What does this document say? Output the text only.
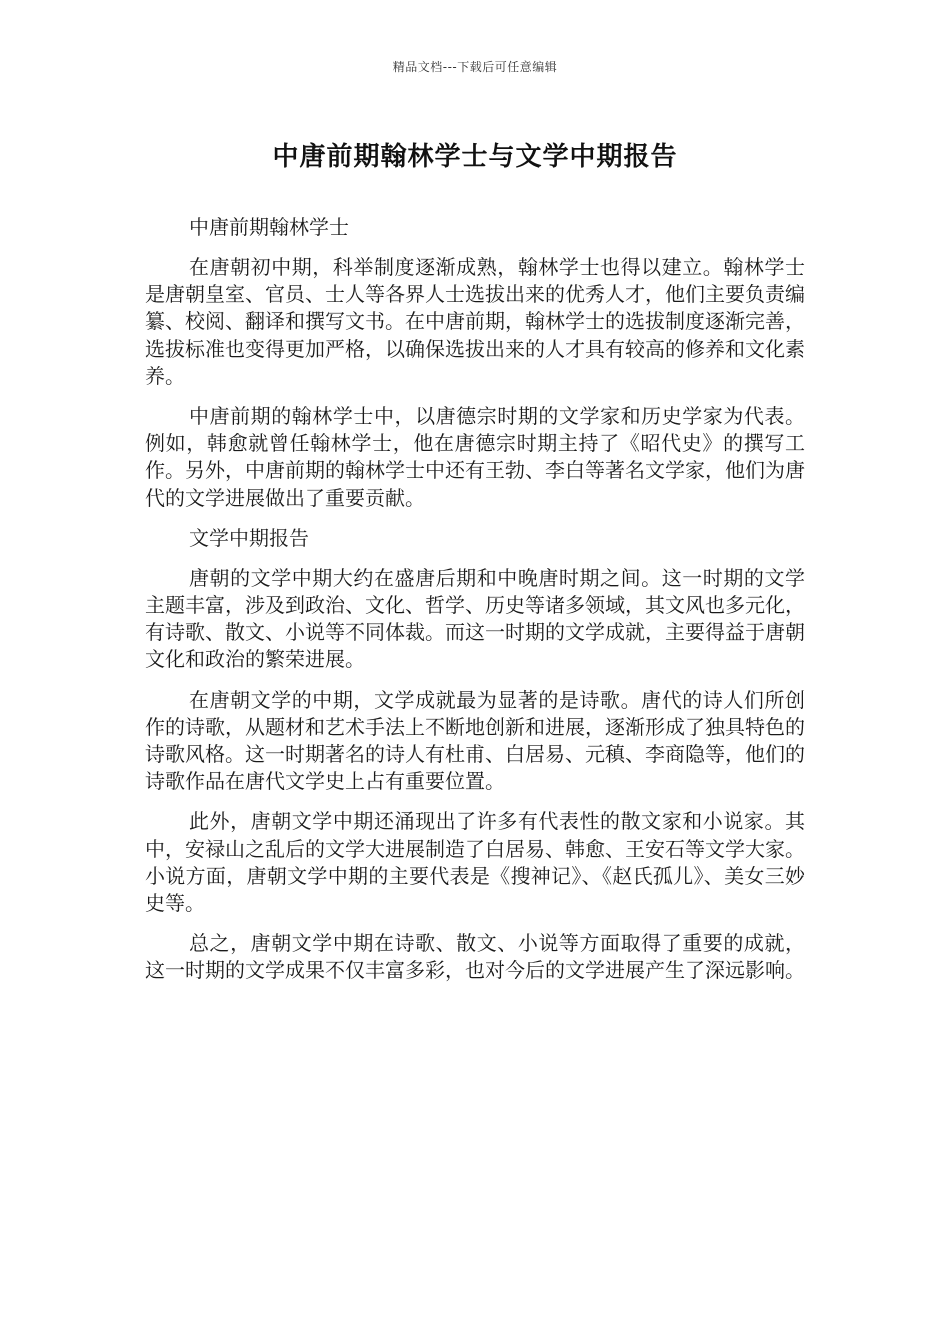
精品文档---下载后可任意编辑
中唐前期翰林学士与文学中期报告

中唐前期翰林学士

在唐朝初中期，科举制度逐渐成熟，翰林学士也得以建立。翰林学士是唐朝皇室、官员、士人等各界人士选拔出来的优秀人才，他们主要负责编纂、校阅、翻译和撰写文书。在中唐前期，翰林学士的选拔制度逐渐完善，选拔标准也变得更加严格，以确保选拔出来的人才具有较高的修养和文化素养。

中唐前期的翰林学士中，以唐德宗时期的文学家和历史学家为代表。例如，韩愈就曾任翰林学士，他在唐德宗时期主持了《昭代史》的撰写工作。另外，中唐前期的翰林学士中还有王勃、李白等著名文学家，他们为唐代的文学进展做出了重要贡献。

文学中期报告

唐朝的文学中期大约在盛唐后期和中晚唐时期之间。这一时期的文学主题丰富，涉及到政治、文化、哲学、历史等诸多领域，其文风也多元化，有诗歌、散文、小说等不同体裁。而这一时期的文学成就，主要得益于唐朝文化和政治的繁荣进展。

在唐朝文学的中期，文学成就最为显著的是诗歌。唐代的诗人们所创作的诗歌，从题材和艺术手法上不断地创新和进展，逐渐形成了独具特色的诗歌风格。这一时期著名的诗人有杜甫、白居易、元稹、李商隐等，他们的诗歌作品在唐代文学史上占有重要位置。

此外，唐朝文学中期还涌现出了许多有代表性的散文家和小说家。其中，安禄山之乱后的文学大进展制造了白居易、韩愈、王安石等文学大家。小说方面，唐朝文学中期的主要代表是《搜神记》、《赵氏孤儿》、美女三妙史等。

总之，唐朝文学中期在诗歌、散文、小说等方面取得了重要的成就，这一时期的文学成果不仅丰富多彩，也对今后的文学进展产生了深远影响。
